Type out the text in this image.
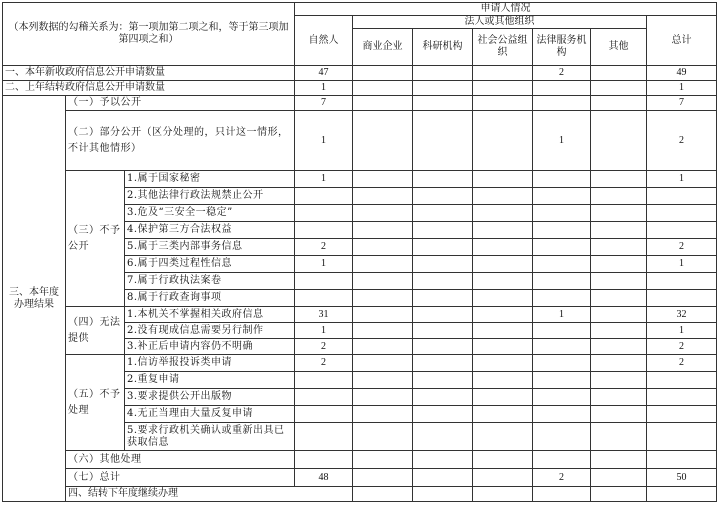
（本列数据的勾稽关系为：第一项加第二项之和，等于第三项加第四项之和）			申请人情况							
			自然人	法人或其他组织					总计	
				商业企业	科研机构	社会公益组织	法律服务机构	其他		
一、本年新收政府信息公开申请数量			47				2		49	
二、上年结转政府信息公开申请数量			1						1	
三、本年度办理结果	（一）予以公开		7						7	
	（二）部分公开（区分处理的，只计这一情形，不计其他情形）		1				1		2	
	（三）不予公开	1.属于国家秘密	1						1	
		2.其他法律行政法规禁止公开								
		3.危及“三安全一稳定”								
		4.保护第三方合法权益								
		5.属于三类内部事务信息	2						2	
		6.属于四类过程性信息	1						1	
		7.属于行政执法案卷								
		8.属于行政查询事项								
	（四）无法提供	1.本机关不掌握相关政府信息	31				1		32	
		2.没有现成信息需要另行制作	1						1	
		3.补正后申请内容仍不明确	2						2	
	（五）不予处理	1.信访举报投诉类申请	2						2	
		2.重复申请								
		3.要求提供公开出版物								
		4.无正当理由大量反复申请								
		5.要求行政机关确认或重新出具已获取信息								
	（六）其他处理									
	（七）总计		48				2		50	
	四、结转下年度继续办理							
